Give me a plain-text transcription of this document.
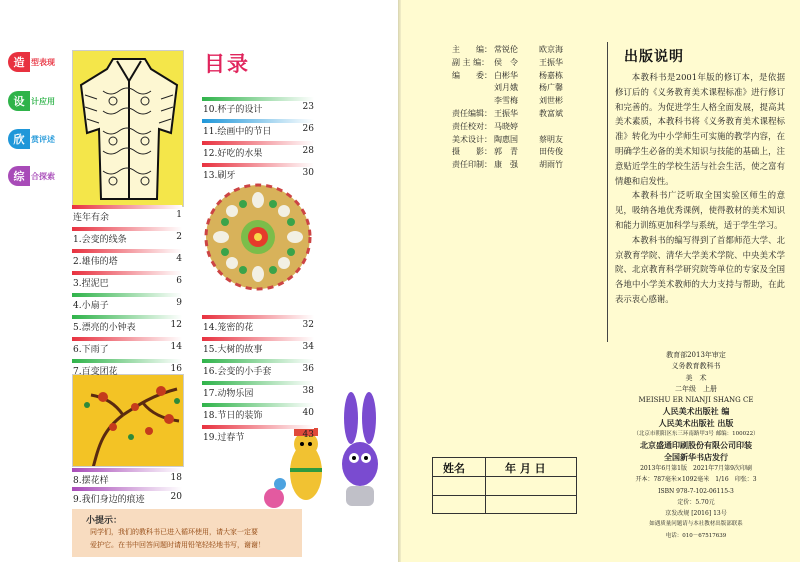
造 型表现
设 计应用
欣 赏评述
综 合探索
目录
连年有余	1
1.会变的线条	2
2.雄伟的塔	4
3.捏泥巴	6
4.小扇子	9
5.漂亮的小钟表	12
6.下雨了	14
7.百变团花	16
8.摆花样	18
9.我们身边的痕迹	20
10.杯子的设计	23
11.绘画中的节日	26
12.好吃的水果	28
13.刷牙	30
14.笼密的花	32
15.大树的故事	34
16.会变的小手套	36
17.动物乐园	38
18.节日的装饰	40
19.过春节	43
小提示：
同学们，我们的教科书已进入循环使用，请大家一定要
爱护它。在书中回答问题时请用铅笔轻轻地书写，谢谢！
主　　编： 常锐伦	欧京海
副 主 编： 侯　令	王振华
编　　委： 白彬华	杨嘉栋
刘月娥	杨广馨
李雪梅	刘世彬
责任编辑： 王振华	教富斌
责任校对： 马晓婷
美术设计： 陶惠国	蔡明友
摄　　影： 郭　青	田传俊
责任印制： 康　强	胡雨竹
出版说明

本教科书是2001年版的修订本，是依据修订后的《义务教育美术课程标准》进行修订和完善的。为促进学生人格全面发展，提高其美术素质，本教科书将《义务教育美术课程标准》转化为中小学师生可实施的教学内容，在明确学生必备的美术知识与技能的基础上，注意贴近学生的学校生活与社会生活，使之富有情趣和启发性。

本教科书广泛听取全国实验区师生的意见，吸纳各地优秀课例，使得教材的美术知识和能力训练更加科学与系统，适于学生学习。

本教科书的编写得到了首都师范大学、北京教育学院、清华大学美术学院、中央美术学院、北京教育科学研究院等单位的专家及全国各地中小学美术教师的大力支持与帮助，在此表示衷心感谢。

姓名	年 月 日
教育部2013年审定
义务教育教科书
美　术
二年级　上册
MEISHU ER NIANJI SHANG CE
人民美术出版社 编
人民美术出版社 出版
（北京市朝阳区东三环南路甲3号 邮编：100022）
北京盛通印刷股份有限公司印装
全国新华书店发行
2013年6月第1版　2021年7月第9次印刷
开本：787毫米×1092毫米　1/16　印张：3
ISBN 978-7-102-06115-3
定价：5.70元
京发改规 [2016] 13号
如遇质量问题请与本社教材出版部联系
电话：010－67517639
